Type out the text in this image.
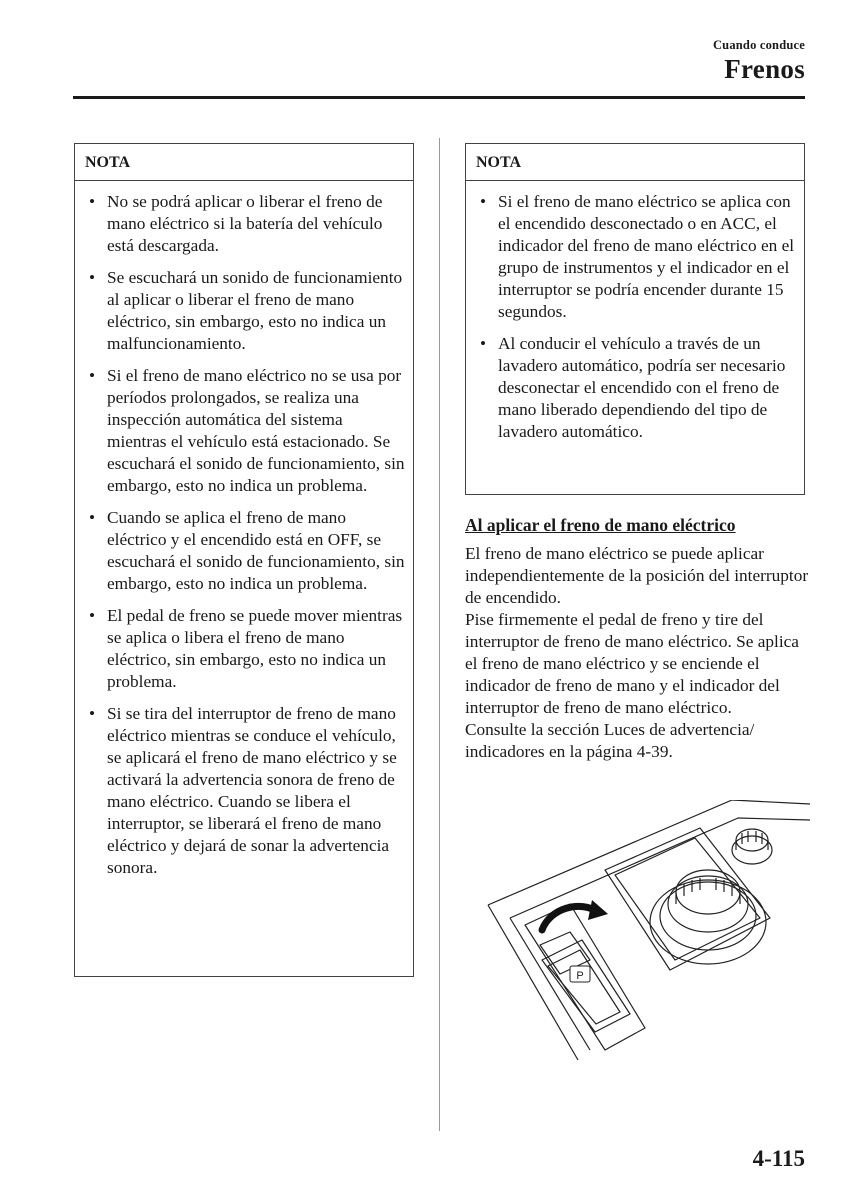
Cuando conduce
Frenos
NOTA
• No se podrá aplicar o liberar el freno de mano eléctrico si la batería del vehículo está descargada.
• Se escuchará un sonido de funcionamiento al aplicar o liberar el freno de mano eléctrico, sin embargo, esto no indica un malfuncionamiento.
• Si el freno de mano eléctrico no se usa por períodos prolongados, se realiza una inspección automática del sistema mientras el vehículo está estacionado. Se escuchará el sonido de funcionamiento, sin embargo, esto no indica un problema.
• Cuando se aplica el freno de mano eléctrico y el encendido está en OFF, se escuchará el sonido de funcionamiento, sin embargo, esto no indica un problema.
• El pedal de freno se puede mover mientras se aplica o libera el freno de mano eléctrico, sin embargo, esto no indica un problema.
• Si se tira del interruptor de freno de mano eléctrico mientras se conduce el vehículo, se aplicará el freno de mano eléctrico y se activará la advertencia sonora de freno de mano eléctrico. Cuando se libera el interruptor, se liberará el freno de mano eléctrico y dejará de sonar la advertencia sonora.
NOTA
• Si el freno de mano eléctrico se aplica con el encendido desconectado o en ACC, el indicador del freno de mano eléctrico en el grupo de instrumentos y el indicador en el interruptor se podría encender durante 15 segundos.
• Al conducir el vehículo a través de un lavadero automático, podría ser necesario desconectar el encendido con el freno de mano liberado dependiendo del tipo de lavadero automático.
Al aplicar el freno de mano eléctrico

El freno de mano eléctrico se puede aplicar independientemente de la posición del interruptor de encendido.

Pise firmemente el pedal de freno y tire del interruptor de freno de mano eléctrico. Se aplica el freno de mano eléctrico y se enciende el indicador de freno de mano y el indicador del interruptor de freno de mano eléctrico.

Consulte la sección Luces de advertencia/ indicadores en la página 4-39.

P
4-115
